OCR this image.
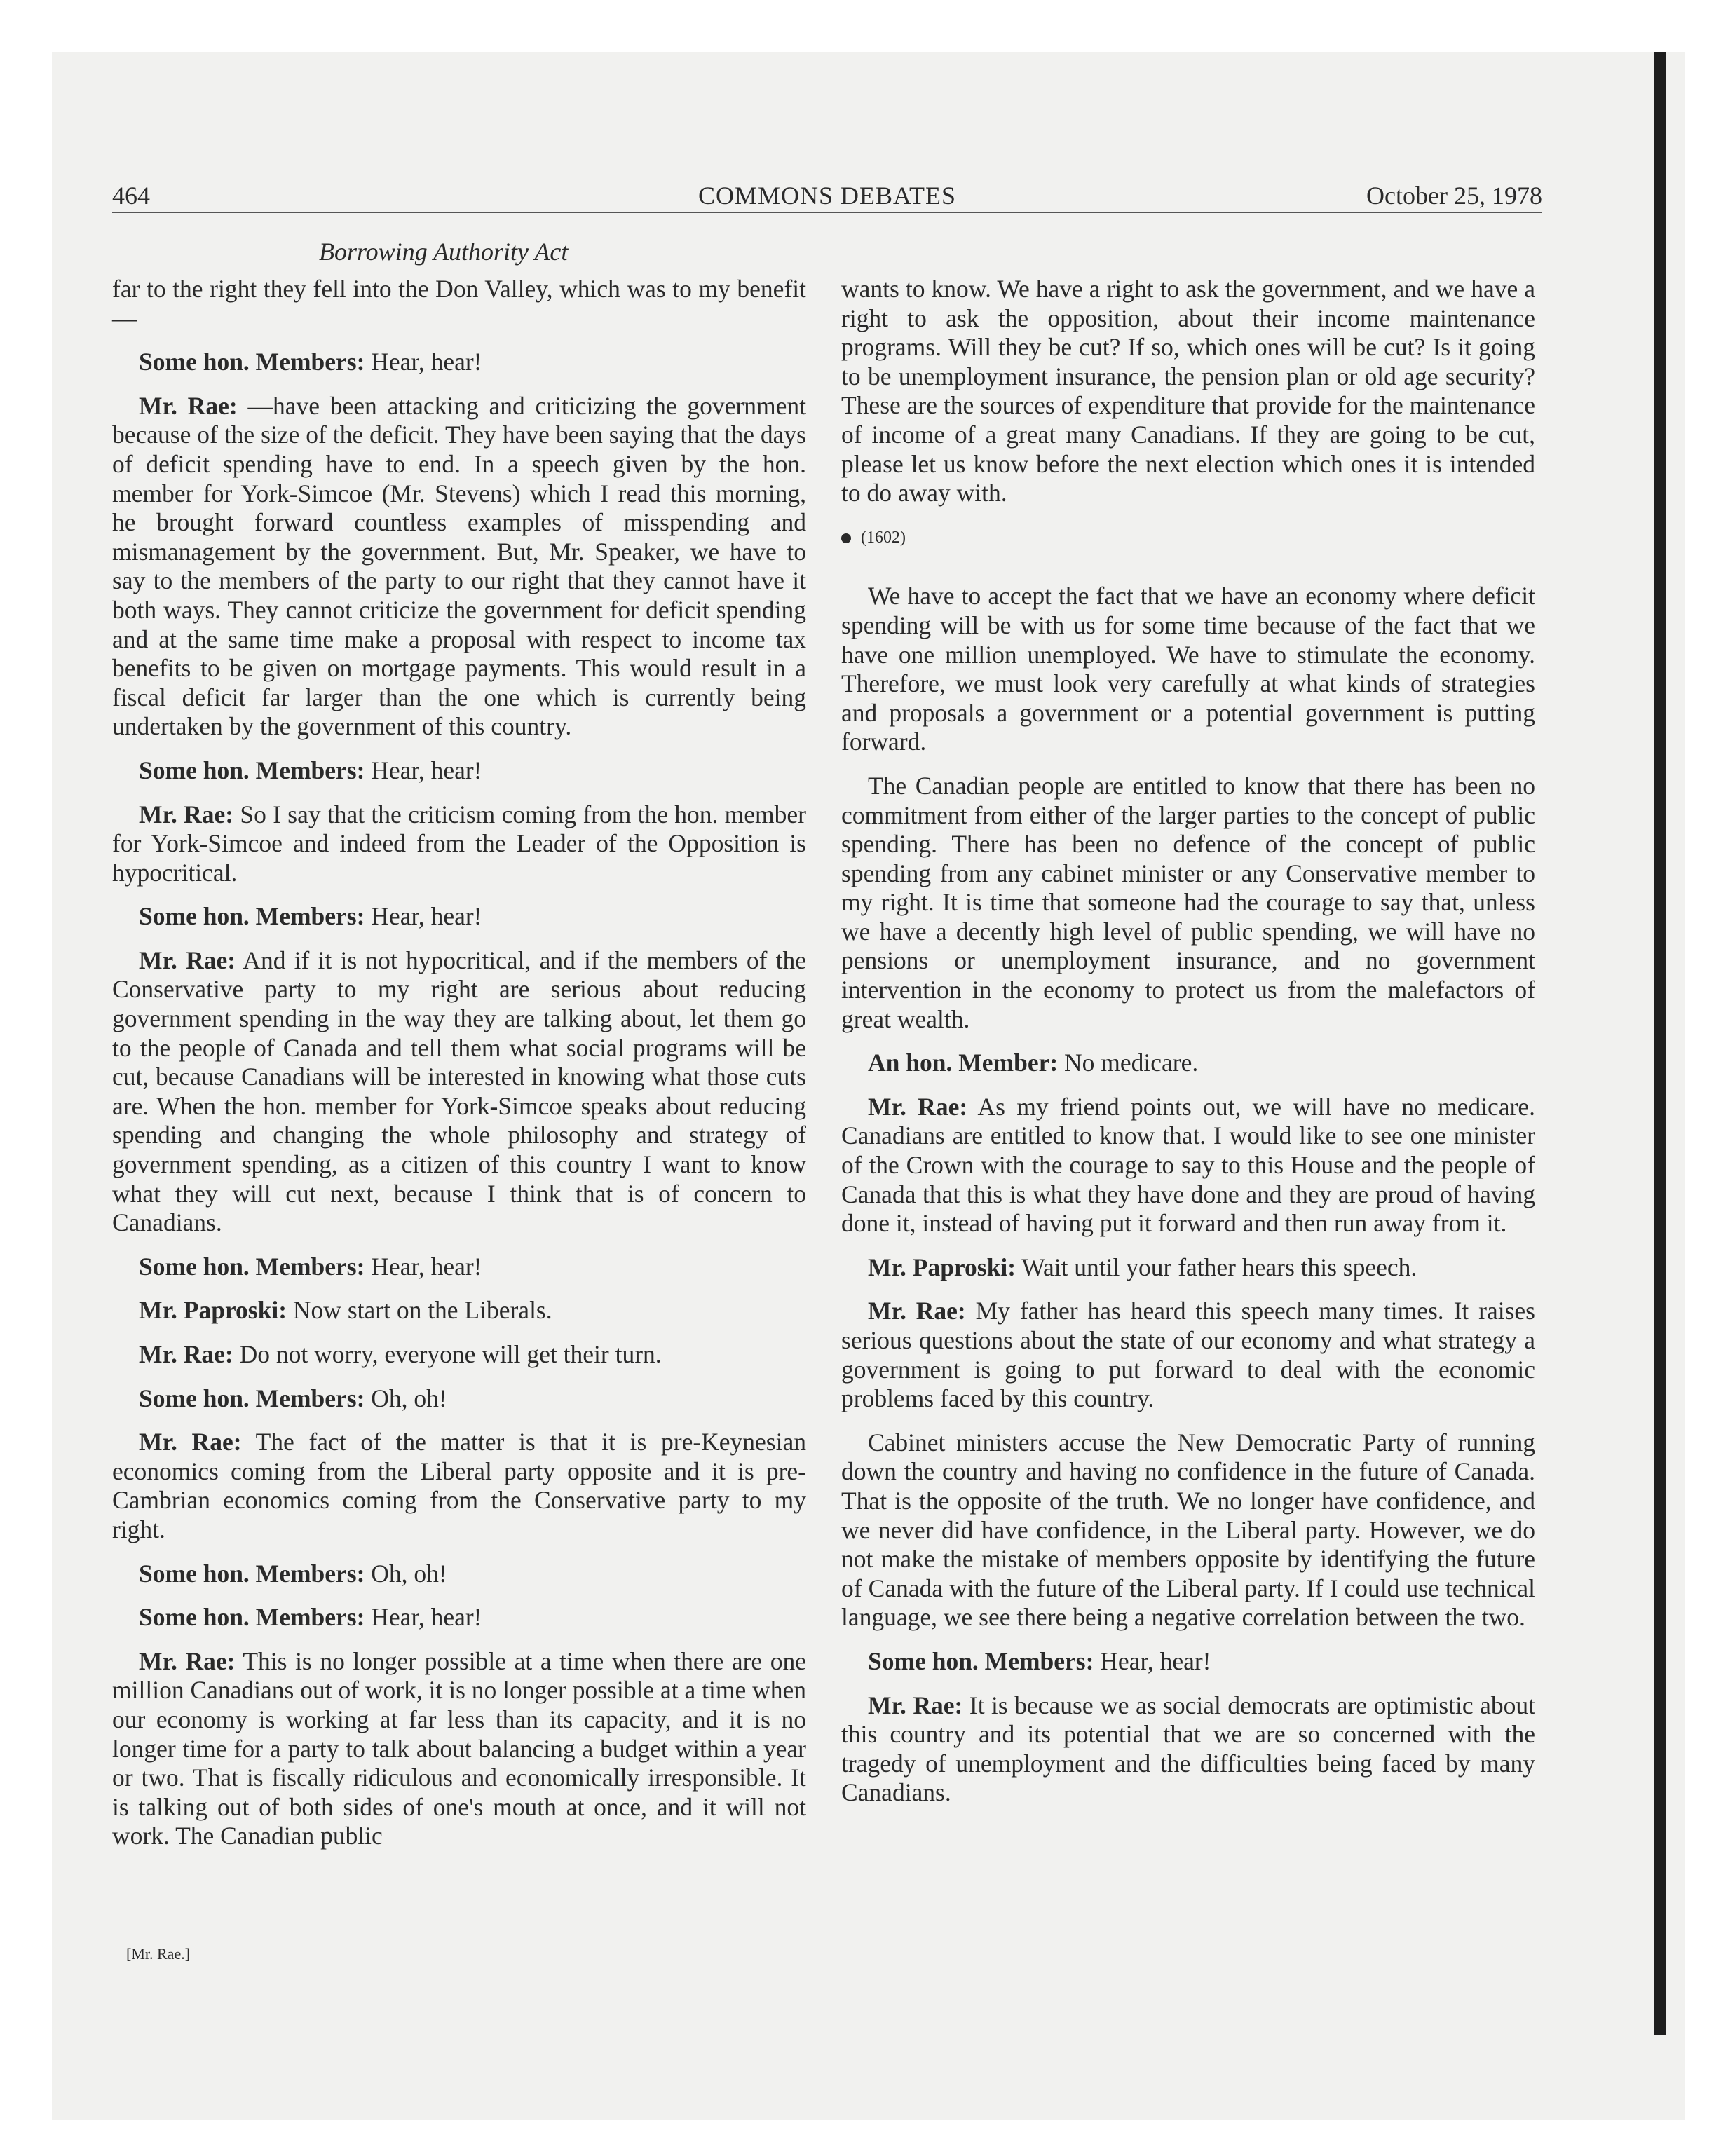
COMMONS DEBATES
464	October 25, 1978
Borrowing Authority Act

far to the right they fell into the Don Valley, which was to my benefit—

Some hon. Members: Hear, hear!

Mr. Rae: —have been attacking and criticizing the government because of the size of the deficit. They have been saying that the days of deficit spending have to end. In a speech given by the hon. member for York-Simcoe (Mr. Stevens) which I read this morning, he brought forward countless examples of misspending and mismanagement by the government. But, Mr. Speaker, we have to say to the members of the party to our right that they cannot have it both ways. They cannot criticize the government for deficit spending and at the same time make a proposal with respect to income tax benefits to be given on mortgage payments. This would result in a fiscal deficit far larger than the one which is currently being undertaken by the government of this country.

Some hon. Members: Hear, hear!

Mr. Rae: So I say that the criticism coming from the hon. member for York-Simcoe and indeed from the Leader of the Opposition is hypocritical.

Some hon. Members: Hear, hear!

Mr. Rae: And if it is not hypocritical, and if the members of the Conservative party to my right are serious about reducing government spending in the way they are talking about, let them go to the people of Canada and tell them what social programs will be cut, because Canadians will be interested in knowing what those cuts are. When the hon. member for York-Simcoe speaks about reducing spending and changing the whole philosophy and strategy of government spending, as a citizen of this country I want to know what they will cut next, because I think that is of concern to Canadians.

Some hon. Members: Hear, hear!

Mr. Paproski: Now start on the Liberals.

Mr. Rae: Do not worry, everyone will get their turn.

Some hon. Members: Oh, oh!

Mr. Rae: The fact of the matter is that it is pre-Keynesian economics coming from the Liberal party opposite and it is pre-Cambrian economics coming from the Conservative party to my right.

Some hon. Members: Oh, oh!

Some hon. Members: Hear, hear!

Mr. Rae: This is no longer possible at a time when there are one million Canadians out of work, it is no longer possible at a time when our economy is working at far less than its capacity, and it is no longer time for a party to talk about balancing a budget within a year or two. That is fiscally ridiculous and economically irresponsible. It is talking out of both sides of one's mouth at once, and it will not work. The Canadian public

wants to know. We have a right to ask the government, and we have a right to ask the opposition, about their income maintenance programs. Will they be cut? If so, which ones will be cut? Is it going to be unemployment insurance, the pension plan or old age security? These are the sources of expenditure that provide for the maintenance of income of a great many Canadians. If they are going to be cut, please let us know before the next election which ones it is intended to do away with.

(1602)

We have to accept the fact that we have an economy where deficit spending will be with us for some time because of the fact that we have one million unemployed. We have to stimulate the economy. Therefore, we must look very carefully at what kinds of strategies and proposals a government or a potential government is putting forward.

The Canadian people are entitled to know that there has been no commitment from either of the larger parties to the concept of public spending. There has been no defence of the concept of public spending from any cabinet minister or any Conservative member to my right. It is time that someone had the courage to say that, unless we have a decently high level of public spending, we will have no pensions or unemployment insurance, and no government intervention in the economy to protect us from the malefactors of great wealth.

An hon. Member: No medicare.

Mr. Rae: As my friend points out, we will have no medicare. Canadians are entitled to know that. I would like to see one minister of the Crown with the courage to say to this House and the people of Canada that this is what they have done and they are proud of having done it, instead of having put it forward and then run away from it.

Mr. Paproski: Wait until your father hears this speech.

Mr. Rae: My father has heard this speech many times. It raises serious questions about the state of our economy and what strategy a government is going to put forward to deal with the economic problems faced by this country.

Cabinet ministers accuse the New Democratic Party of running down the country and having no confidence in the future of Canada. That is the opposite of the truth. We no longer have confidence, and we never did have confidence, in the Liberal party. However, we do not make the mistake of members opposite by identifying the future of Canada with the future of the Liberal party. If I could use technical language, we see there being a negative correlation between the two.

Some hon. Members: Hear, hear!

Mr. Rae: It is because we as social democrats are optimistic about this country and its potential that we are so concerned with the tragedy of unemployment and the difficulties being faced by many Canadians.

[Mr. Rae.]
